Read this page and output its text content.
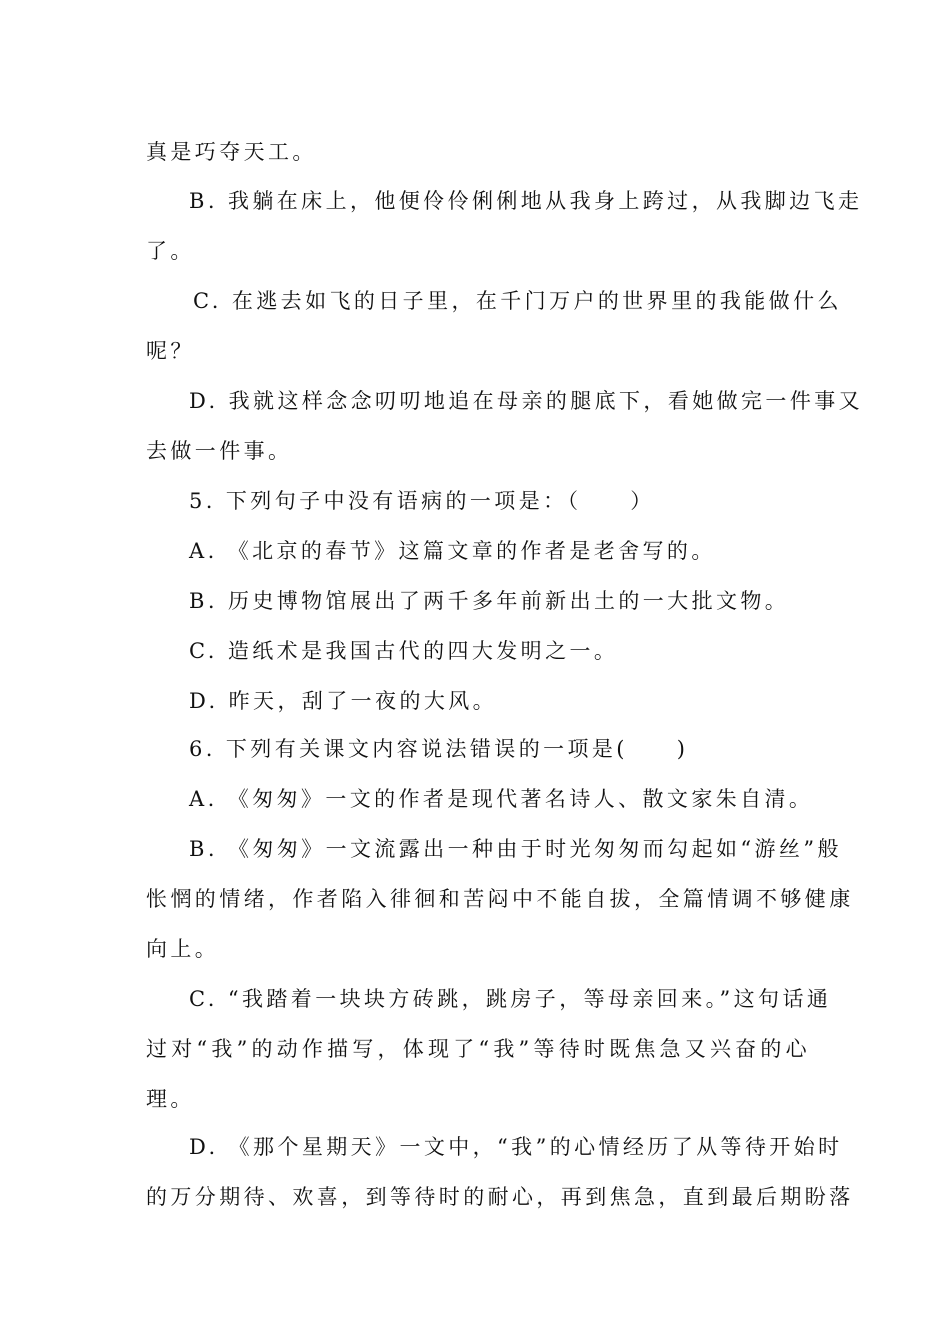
真是巧夺天工。
B. 我躺在床上，他便伶伶俐俐地从我身上跨过，从我脚边飞走
了。
C. 在逃去如飞的日子里，在千门万户的世界里的我能做什么
呢？
D. 我就这样念念叨叨地追在母亲的腿底下，看她做完一件事又
去做一件事。
5. 下列句子中没有语病的一项是：（　　）
A. 《北京的春节》这篇文章的作者是老舍写的。
B. 历史博物馆展出了两千多年前新出土的一大批文物。
C. 造纸术是我国古代的四大发明之一。
D. 昨天，刮了一夜的大风。
6. 下列有关课文内容说法错误的一项是(　　)
A. 《匆匆》一文的作者是现代著名诗人、散文家朱自清。
B. 《匆匆》一文流露出一种由于时光匆匆而勾起如“游丝”般
怅惘的情绪，作者陷入徘徊和苦闷中不能自拔，全篇情调不够健康
向上。
C. “我踏着一块块方砖跳，跳房子，等母亲回来。”这句话通
过对“我”的动作描写，体现了“我”等待时既焦急又兴奋的心
理。
D. 《那个星期天》一文中，“我”的心情经历了从等待开始时
的万分期待、欢喜，到等待时的耐心，再到焦急，直到最后期盼落
